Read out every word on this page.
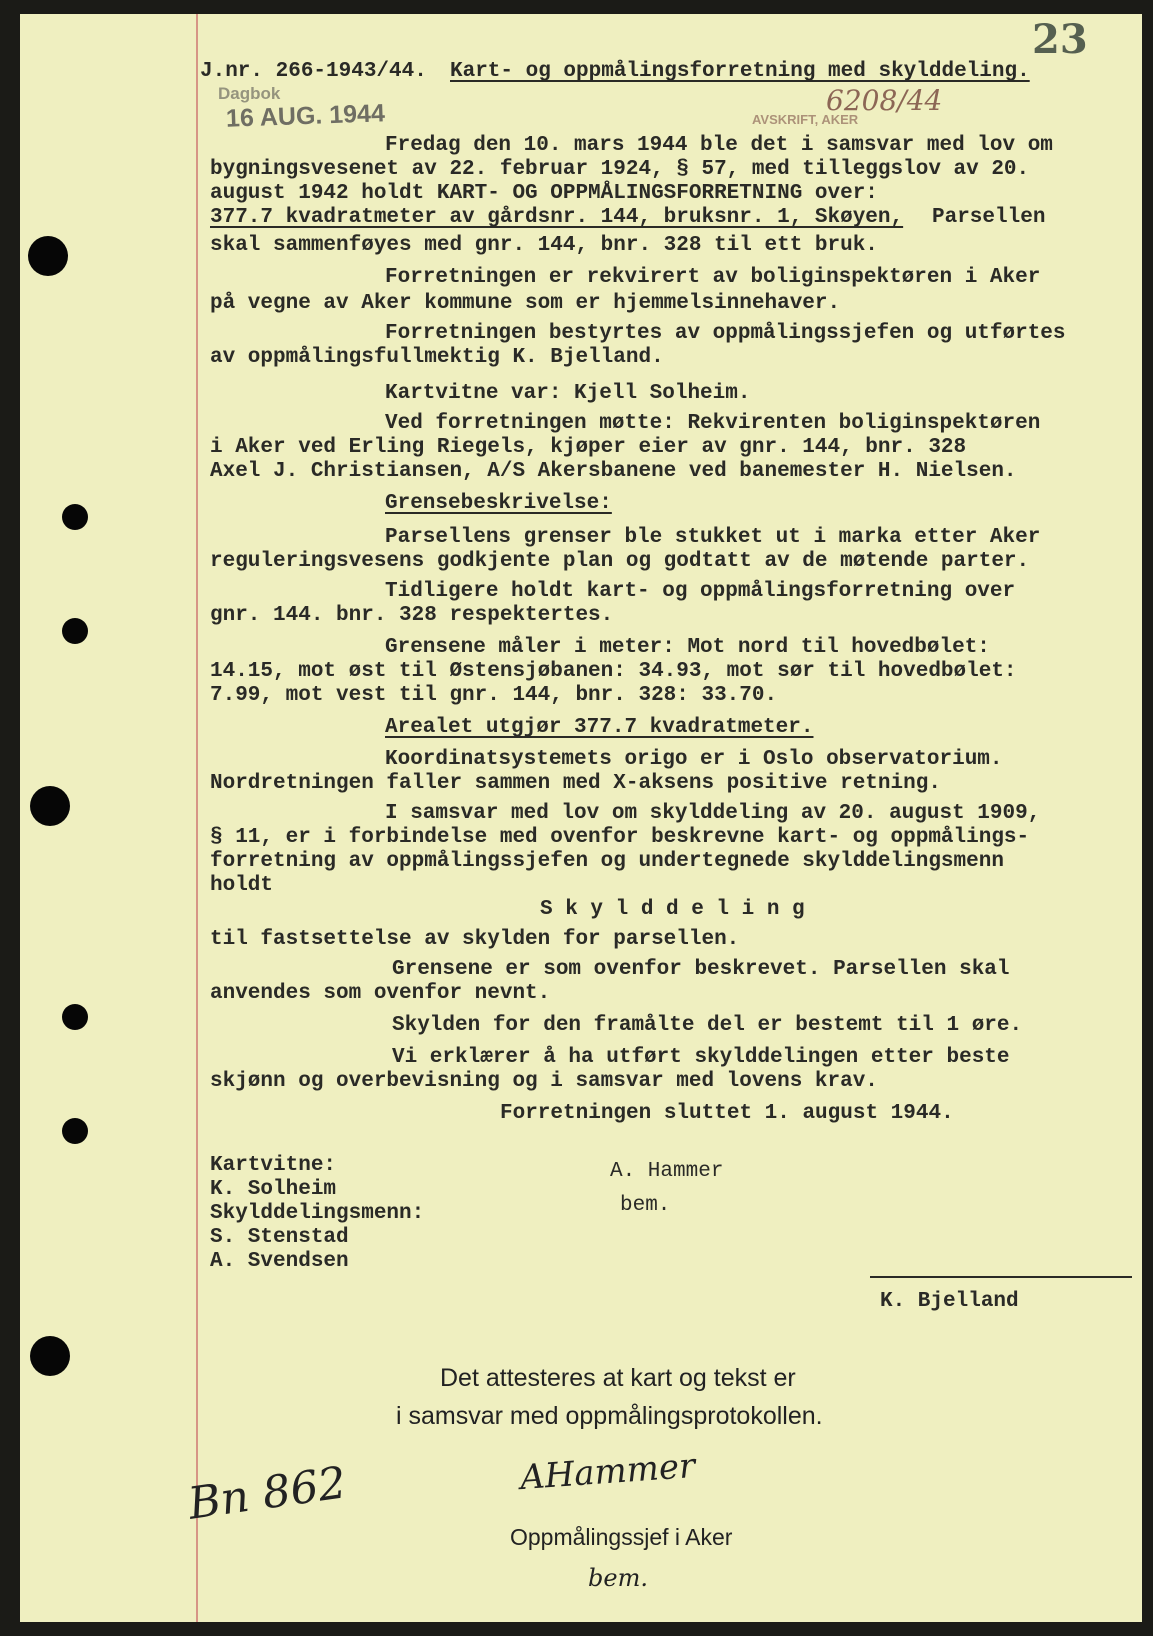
23
J.nr. 266-1943/44. Kart- og oppmålingsforretning med skylddeling.
Dagbok
16 AUG. 1944	AVSKRIFT, AKER
6208/44
Fredag den 10. mars 1944 ble det i samsvar med lov om
bygningsvesenet av 22. februar 1924, § 57, med tilleggslov av 20.
august 1942 holdt KART- OG OPPMÅLINGSFORRETNING over:
377.7 kvadratmeter av gårdsnr. 144, bruksnr. 1, Skøyen, Parsellen
skal sammenføyes med gnr. 144, bnr. 328 til ett bruk.
Forretningen er rekvirert av boliginspektøren i Aker
på vegne av Aker kommune som er hjemmelsinnehaver.
Forretningen bestyrtes av oppmålingssjefen og utførtes
av oppmålingsfullmektig K. Bjelland.
Kartvitne var: Kjell Solheim.
Ved forretningen møtte: Rekvirenten boliginspektøren
i Aker ved Erling Riegels, kjøper eier av gnr. 144, bnr. 328
Axel J. Christiansen, A/S Akersbanene ved banemester H. Nielsen.
Grensebeskrivelse:
Parsellens grenser ble stukket ut i marka etter Aker
reguleringsvesens godkjente plan og godtatt av de møtende parter.
Tidligere holdt kart- og oppmålingsforretning over
gnr. 144. bnr. 328 respektertes.
Grensene måler i meter: Mot nord til hovedbølet:
14.15, mot øst til Østensjøbanen: 34.93, mot sør til hovedbølet:
7.99, mot vest til gnr. 144, bnr. 328: 33.70.
Arealet utgjør 377.7 kvadratmeter.
Koordinatsystemets origo er i Oslo observatorium.
Nordretningen faller sammen med X-aksens positive retning.
I samsvar med lov om skylddeling av 20. august 1909,
§ 11, er i forbindelse med ovenfor beskrevne kart- og oppmålings-
forretning av oppmålingssjefen og undertegnede skylddelingsmenn
holdt
S k y l d d e l i n g
til fastsettelse av skylden for parsellen.
Grensene er som ovenfor beskrevet. Parsellen skal
anvendes som ovenfor nevnt.
Skylden for den framålte del er bestemt til 1 øre.
Vi erklærer å ha utført skylddelingen etter beste
skjønn og overbevisning og i samsvar med lovens krav.
Forretningen sluttet 1. august 1944.
Kartvitne:
K. Solheim
Skylddelingsmenn:
S. Stenstad
A. Svendsen
A. Hammer
bem.
K. Bjelland
Det attesteres at kart og tekst er
i samsvar med oppmålingsprotokollen.
AHammer
Oppmålingssjef i Aker
bem.
Bn 862
